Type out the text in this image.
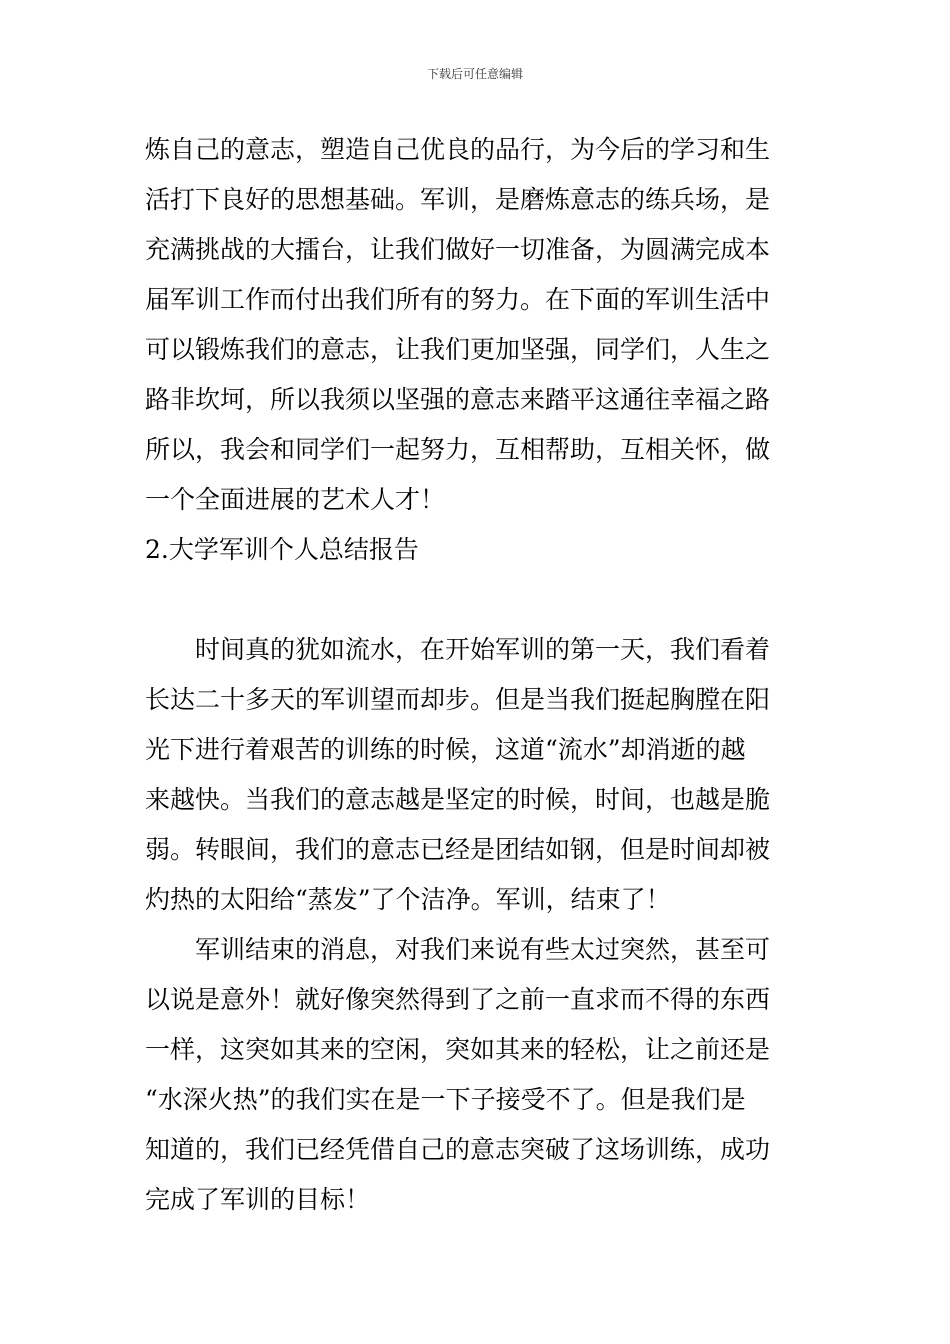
下载后可任意编辑
炼自己的意志，塑造自己优良的品行，为今后的学习和生
活打下良好的思想基础。军训，是磨炼意志的练兵场，是
充满挑战的大擂台，让我们做好一切准备，为圆满完成本
届军训工作而付出我们所有的努力。在下面的军训生活中
可以锻炼我们的意志，让我们更加坚强，同学们，人生之
路非坎坷，所以我须以坚强的意志来踏平这通往幸福之路
所以，我会和同学们一起努力，互相帮助，互相关怀，做
一个全面进展的艺术人才！
2.大学军训个人总结报告
　　时间真的犹如流水，在开始军训的第一天，我们看着
长达二十多天的军训望而却步。但是当我们挺起胸膛在阳
光下进行着艰苦的训练的时候，这道“流水”却消逝的越
来越快。当我们的意志越是坚定的时候，时间，也越是脆
弱。转眼间，我们的意志已经是团结如钢，但是时间却被
灼热的太阳给“蒸发”了个洁净。军训，结束了！
　　军训结束的消息，对我们来说有些太过突然，甚至可
以说是意外！就好像突然得到了之前一直求而不得的东西
一样，这突如其来的空闲，突如其来的轻松，让之前还是
“水深火热”的我们实在是一下子接受不了。但是我们是
知道的，我们已经凭借自己的意志突破了这场训练，成功
完成了军训的目标！
